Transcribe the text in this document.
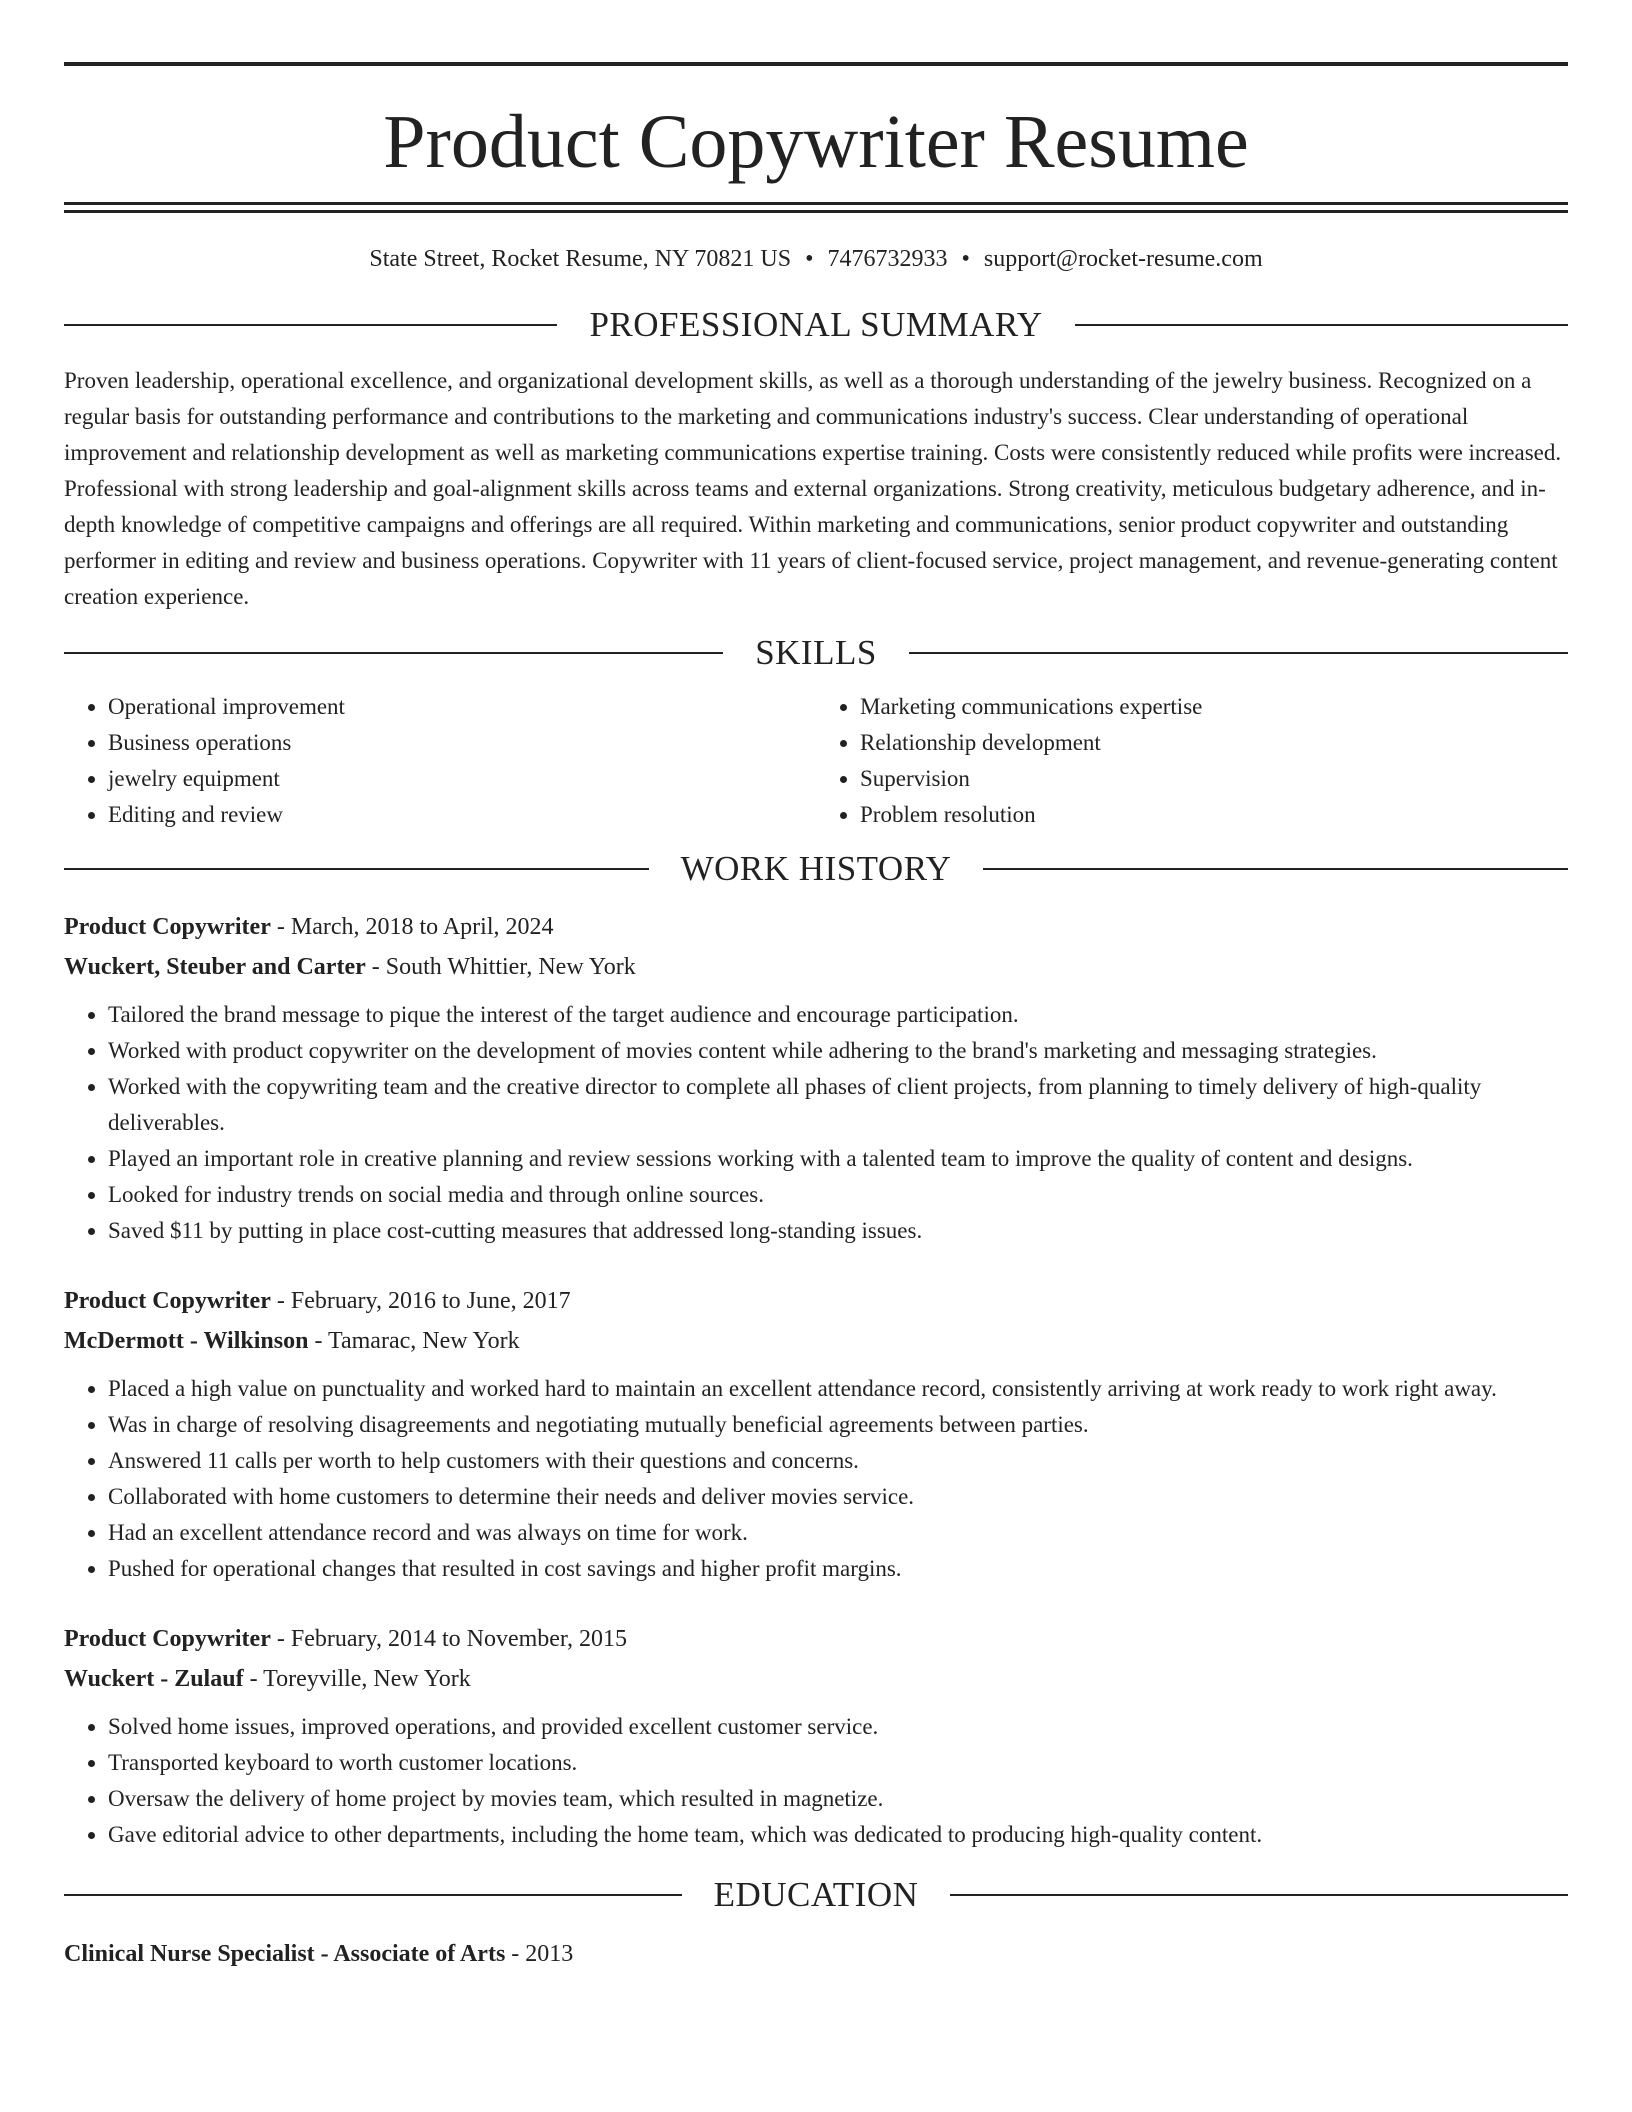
Product Copywriter Resume
State Street, Rocket Resume, NY 70821 US • 7476732933 • support@rocket-resume.com
PROFESSIONAL SUMMARY

Proven leadership, operational excellence, and organizational development skills, as well as a thorough understanding of the jewelry business. Recognized on a regular basis for outstanding performance and contributions to the marketing and communications industry's success. Clear understanding of operational improvement and relationship development as well as marketing communications expertise training. Costs were consistently reduced while profits were increased. Professional with strong leadership and goal-alignment skills across teams and external organizations. Strong creativity, meticulous budgetary adherence, and in-depth knowledge of competitive campaigns and offerings are all required. Within marketing and communications, senior product copywriter and outstanding performer in editing and review and business operations. Copywriter with 11 years of client-focused service, project management, and revenue-generating content creation experience.

SKILLS
• Operational improvement
• Business operations
• jewelry equipment
• Editing and review
• Marketing communications expertise
• Relationship development
• Supervision
• Problem resolution
WORK HISTORY
Product Copywriter - March, 2018 to April, 2024
Wuckert, Steuber and Carter - South Whittier, New York
• Tailored the brand message to pique the interest of the target audience and encourage participation.
• Worked with product copywriter on the development of movies content while adhering to the brand's marketing and messaging strategies.
• Worked with the copywriting team and the creative director to complete all phases of client projects, from planning to timely delivery of high-quality deliverables.
• Played an important role in creative planning and review sessions working with a talented team to improve the quality of content and designs.
• Looked for industry trends on social media and through online sources.
• Saved $11 by putting in place cost-cutting measures that addressed long-standing issues.
Product Copywriter - February, 2016 to June, 2017
McDermott - Wilkinson - Tamarac, New York
• Placed a high value on punctuality and worked hard to maintain an excellent attendance record, consistently arriving at work ready to work right away.
• Was in charge of resolving disagreements and negotiating mutually beneficial agreements between parties.
• Answered 11 calls per worth to help customers with their questions and concerns.
• Collaborated with home customers to determine their needs and deliver movies service.
• Had an excellent attendance record and was always on time for work.
• Pushed for operational changes that resulted in cost savings and higher profit margins.
Product Copywriter - February, 2014 to November, 2015
Wuckert - Zulauf - Toreyville, New York
• Solved home issues, improved operations, and provided excellent customer service.
• Transported keyboard to worth customer locations.
• Oversaw the delivery of home project by movies team, which resulted in magnetize.
• Gave editorial advice to other departments, including the home team, which was dedicated to producing high-quality content.
EDUCATION
Clinical Nurse Specialist - Associate of Arts - 2013
